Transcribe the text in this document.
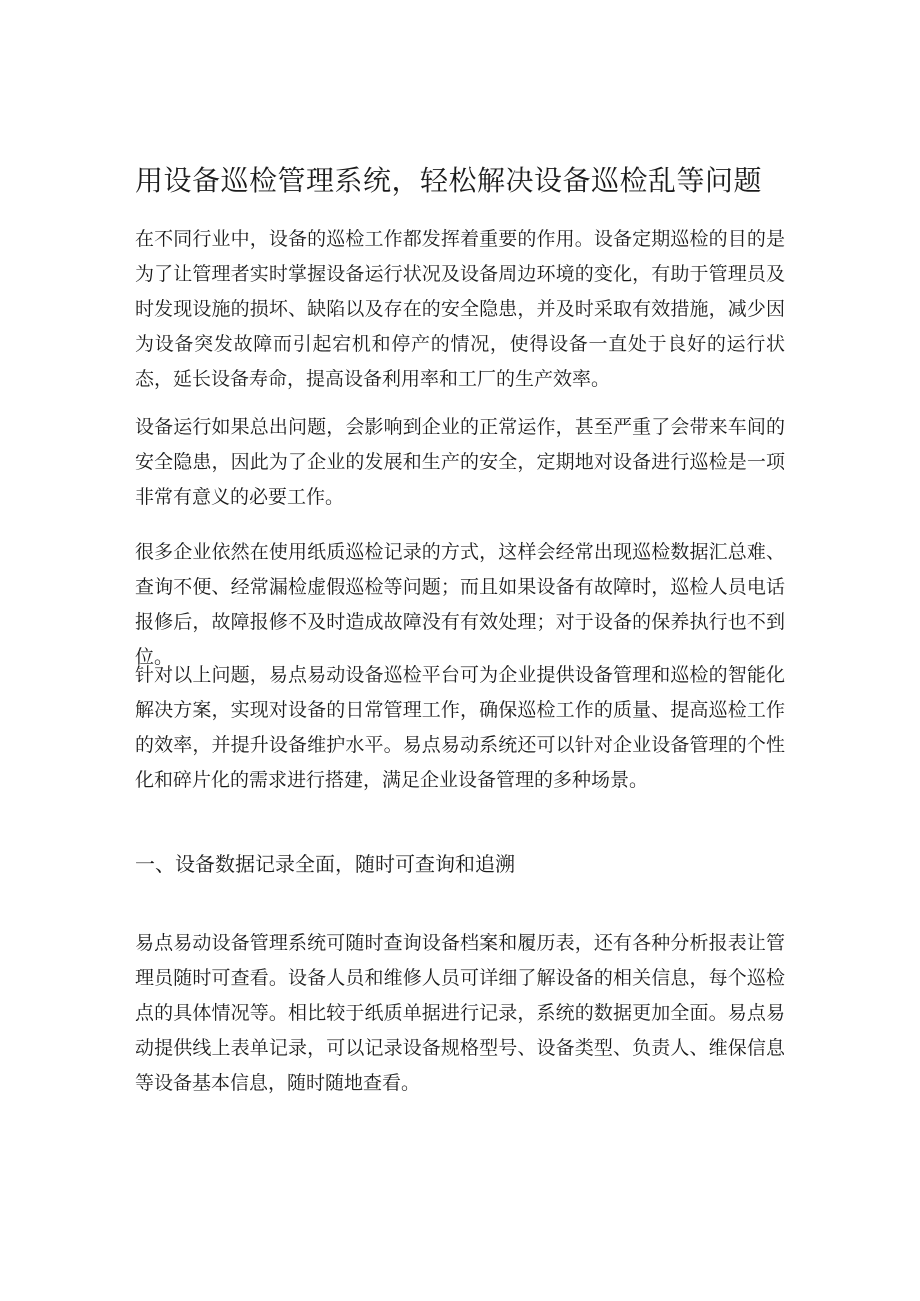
用设备巡检管理系统，轻松解决设备巡检乱等问题

在不同行业中，设备的巡检工作都发挥着重要的作用。设备定期巡检的目的是为了让管理者实时掌握设备运行状况及设备周边环境的变化，有助于管理员及时发现设施的损坏、缺陷以及存在的安全隐患，并及时采取有效措施，减少因为设备突发故障而引起宕机和停产的情况，使得设备一直处于良好的运行状态，延长设备寿命，提高设备利用率和工厂的生产效率。

设备运行如果总出问题，会影响到企业的正常运作，甚至严重了会带来车间的安全隐患，因此为了企业的发展和生产的安全，定期地对设备进行巡检是一项非常有意义的必要工作。

很多企业依然在使用纸质巡检记录的方式，这样会经常出现巡检数据汇总难、查询不便、经常漏检虚假巡检等问题；而且如果设备有故障时，巡检人员电话报修后，故障报修不及时造成故障没有有效处理；对于设备的保养执行也不到位。

针对以上问题，易点易动设备巡检平台可为企业提供设备管理和巡检的智能化解决方案，实现对设备的日常管理工作，确保巡检工作的质量、提高巡检工作的效率，并提升设备维护水平。易点易动系统还可以针对企业设备管理的个性化和碎片化的需求进行搭建，满足企业设备管理的多种场景。

一、设备数据记录全面，随时可查询和追溯

易点易动设备管理系统可随时查询设备档案和履历表，还有各种分析报表让管理员随时可查看。设备人员和维修人员可详细了解设备的相关信息，每个巡检点的具体情况等。相比较于纸质单据进行记录，系统的数据更加全面。易点易动提供线上表单记录，可以记录设备规格型号、设备类型、负责人、维保信息等设备基本信息，随时随地查看。
